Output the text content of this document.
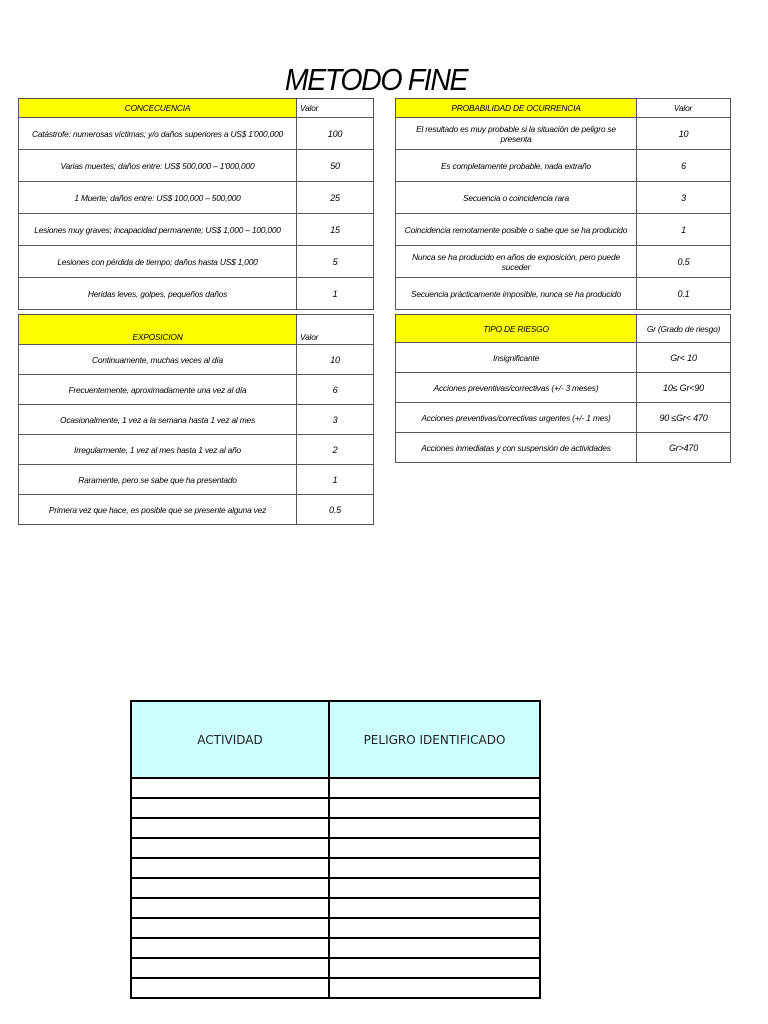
METODO FINE
CONCECUENCIA	Valor
Catástrofe: numerosas víctimas; y/o daños superiores a US$ 1'000,000	100
Varias muertes; daños entre: US$ 500,000 – 1'000,000	50
1 Muerte; daños entre: US$ 100,000 – 500,000	25
Lesiones muy graves; incapacidad permanente; US$ 1,000 – 100,000	15
Lesiones con pérdida de tiempo; daños hasta US$ 1,000	5
Heridas leves, golpes, pequeños daños	1
PROBABILIDAD DE OCURRENCIA	Valor
El resultado es muy probable si la situación de peligro se presenta	10
Es completamente probable, nada extraño	6
Secuencia o coincidencia rara	3
Coincidencia remotamente posible o sabe que se ha producido	1
Nunca se ha producido en años de exposición, pero puede suceder	0.5
Secuencia prácticamente imposible, nunca se ha producido	0.1
EXPOSICION	Valor
Continuamente, muchas veces al día	10
Frecuentemente, aproximadamente una vez al día	6
Ocasionalmente, 1 vez a la semana hasta 1 vez al mes	3
Irregularmente, 1 vez al mes hasta 1 vez al año	2
Raramente, pero se sabe que ha presentado	1
Primera vez que hace, es posible que se presente alguna vez	0.5
TIPO DE RIESGO	Gr (Grado de riesgo)
Insignificante	Gr< 10
Acciones preventivas/correctivas (+/- 3 meses)	10≤ Gr<90
Acciones preventivas/correctivas urgentes (+/- 1 mes)	90 ≤Gr< 470
Acciones inmediatas y con suspensión de actividades	Gr>470
ACTIVIDAD	PELIGRO IDENTIFICADO
